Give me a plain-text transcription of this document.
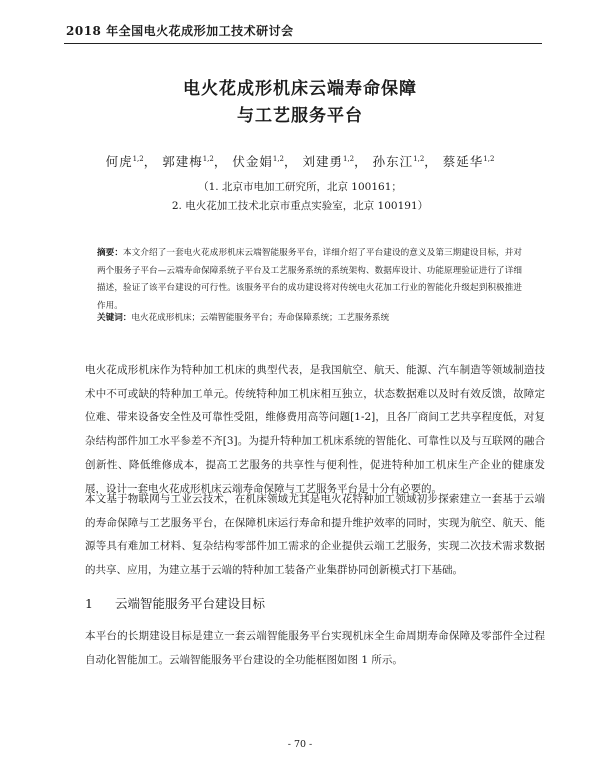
2018 年全国电火花成形加工技术研讨会
电火花成形机床云端寿命保障
与工艺服务平台
何虎$^{1,2}$， 郭建梅$^{1,2}$， 伏金娟$^{1,2}$， 刘建勇$^{1,2}$， 孙东江$^{1,2}$， 蔡延华$^{1,2}$
（1. 北京市电加工研究所，北京 100161；
2. 电火花加工技术北京市重点实验室，北京 100191）
摘要：本文介绍了一套电火花成形机床云端智能服务平台，详细介绍了平台建设的意义及第三期建设目标，并对两个服务子平台—云端寿命保障系统子平台及工艺服务系统的系统架构、数据库设计、功能原理验证进行了详细描述，验证了该平台建设的可行性。该服务平台的成功建设将对传统电火花加工行业的智能化升级起到积极推进作用。
关键词：电火花成形机床；云端智能服务平台；寿命保障系统；工艺服务系统
电火花成形机床作为特种加工机床的典型代表，是我国航空、航天、能源、汽车制造等领域制造技术中不可或缺的特种加工单元。传统特种加工机床相互独立，状态数据难以及时有效反馈，故障定位难、带来设备安全性及可靠性受阻，维修费用高等问题[1-2]，且各厂商间工艺共享程度低，对复杂结构部件加工水平参差不齐[3]。为提升特种加工机床系统的智能化、可靠性以及与互联网的融合创新性、降低维修成本，提高工艺服务的共享性与便利性，促进特种加工机床生产企业的健康发展，设计一套电火花成形机床云端寿命保障与工艺服务平台是十分有必要的。
本文基于物联网与工业云技术，在机床领域尤其是电火花特种加工领域初步探索建立一套基于云端的寿命保障与工艺服务平台，在保障机床运行寿命和提升维护效率的同时，实现为航空、航天、能源等具有难加工材料、复杂结构零部件加工需求的企业提供云端工艺服务，实现二次技术需求数据的共享、应用，为建立基于云端的特种加工装备产业集群协同创新模式打下基础。
1 云端智能服务平台建设目标
本平台的长期建设目标是建立一套云端智能服务平台实现机床全生命周期寿命保障及零部件全过程自动化智能加工。云端智能服务平台建设的全功能框图如图 1 所示。
- 70 -
